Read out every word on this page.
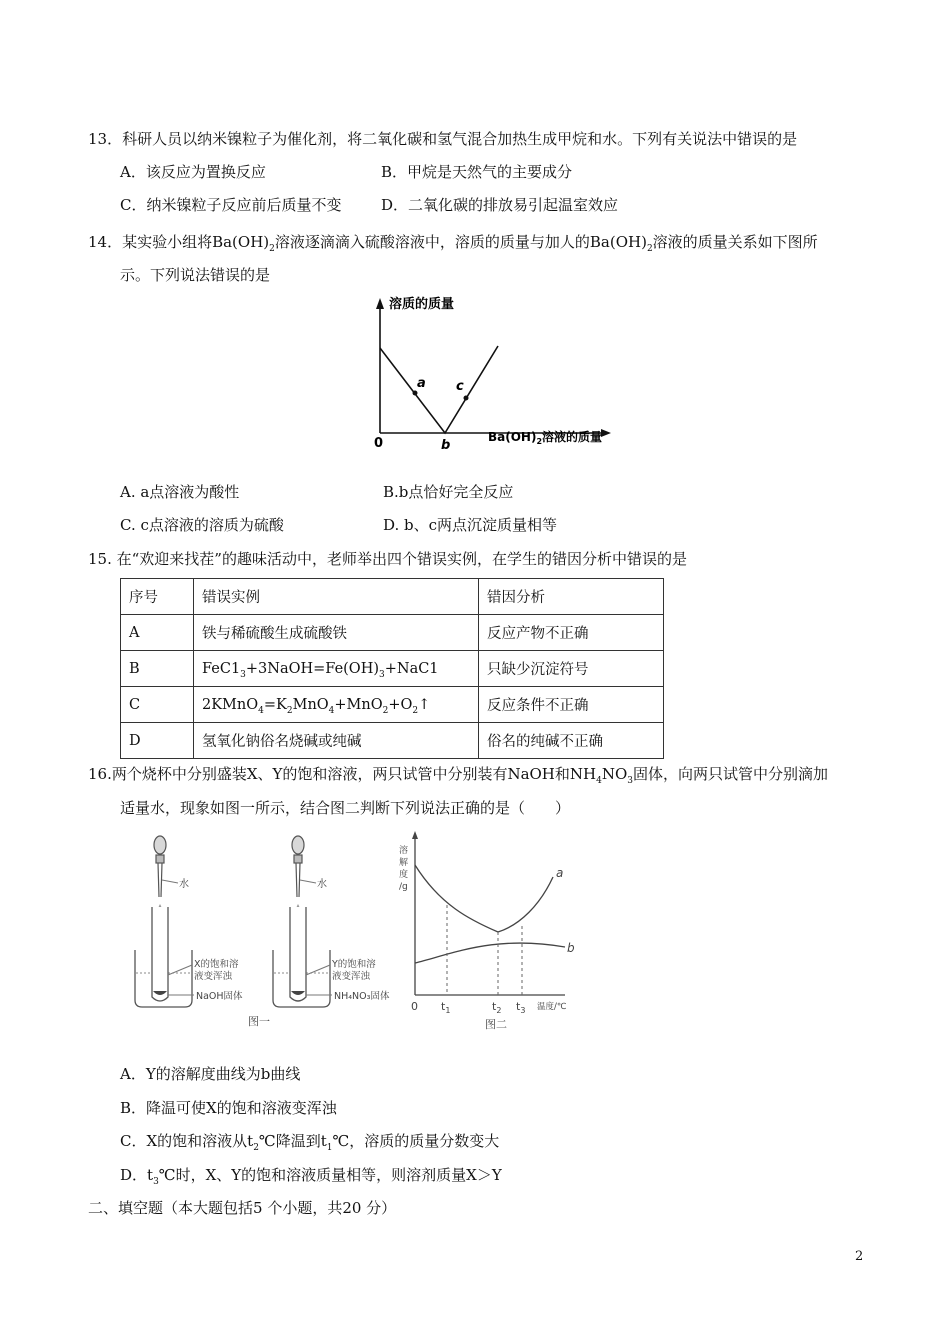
13．科研人员以纳米镍粒子为催化剂，将二氧化碳和氢气混合加热生成甲烷和水。下列有关说法中错误的是
A．该反应为置换反应	B．甲烷是天然气的主要成分
C．纳米镍粒子反应前后质量不变	D．二氧化碳的排放易引起温室效应
14．某实验小组将$Ba(OH)_2$溶液逐滴滴入硫酸溶液中，溶质的质量与加人的$Ba(OH)_2$溶液的质量关系如下图所
示。下列说法错误的是
溶质的质量
a c
0	b
$Ba(OH)_2$溶液的质量
A. a点溶液为酸性	B.b点恰好完全反应
C. c点溶液的溶质为硫酸	D. b、c两点沉淀质量相等
15. 在“欢迎来找茬”的趣味活动中，老师举出四个错误实例，在学生的错因分析中错误的是
序号	错误实例	错因分析
A	铁与稀硫酸生成硫酸铁	反应产物不正确
B	$FeC1_3+3NaOH=Fe(OH)_3+NaC1$	只缺少沉淀符号
C	$2KMnO_4=K_2MnO_4+MnO_2+O_2↑$	反应条件不正确
D	氢氧化钠俗名烧碱或纯碱	俗名的纯碱不正确
16.两个烧杯中分别盛装X、Y的饱和溶液，两只试管中分别装有NaOH和$NH_4NO_3$固体，向两只试管中分别滴加
适量水，现象如图一所示，结合图二判断下列说法正确的是（　　）
水
X的饱和溶
液变浑浊
NaOH固体
水
Y的饱和溶
液变浑浊
NH₄NO₃固体
图一
溶
解
度
/g
a
b
0 $t_1$	$t_2$ $t_3$ 温度/℃
图二
A．Y的溶解度曲线为b曲线
B．降温可使X的饱和溶液变浑浊
C．X的饱和溶液从$t_2℃$降温到$t_1℃$，溶质的质量分数变大
D．$t_3℃$时，X、Y的饱和溶液质量相等，则溶剂质量X＞Y
二、填空题（本大题包括5 个小题，共20 分）
2
